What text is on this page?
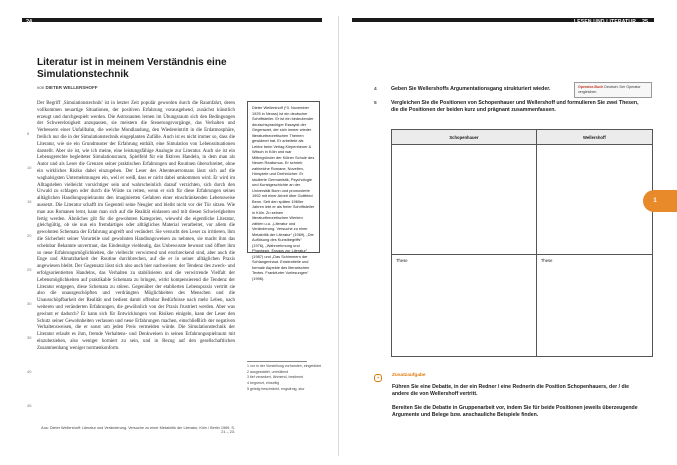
24	LESEN UND LITERATUR 25
Literatur ist in meinem Verständnis eine Simulationstechnik
von DIETER WELLERSHOFF

Der Begriff ‚Simulationstechnik' ist in letzter Zeit populär geworden durch die Raumfahrt, deren vollkommen neuartige Situationen, der positiven Erfahrung vorausgehend, zunächst künstlich erzeugt und durchgespielt werden. Die Astronauten lernen im Übungsraum sich den Bedingungen der Schwerelosigkeit anzupassen, sie meistern die Steuerungsvorgänge, das Verhalten und Verbessern einer Unfallbahn, die weiche Mondlandung, den Wiedereintritt in die Erdatmosphäre, freilich nur die in der Simulationstechnik eingeplanten Zufälle. Auch ist es nicht immer so, dass die Literatur, wie sie ein Grundmuster der Erfahrung enthält, eine Simulation von Lebenssituationen darstellt. Aber sie ist, wie ich meine, eine leistungsfähige Analogie zur Literatur. Auch sie ist ein Lebensgerechte begleiteter Simulationsraum, Spielfeld für ein fiktives Handeln, in dem man als Autor und als Leser die Grenzen seiner praktischen Erfahrungen und Routinen überschreitet, ohne ein wirkliches Risiko dabei einzugehen. Der Leser des Abenteuerromans lässt sich auf die waghalsigsten Unternehmungen ein, weil er weiß, dass er nicht dabei umkommen wird. Er wird im Alltagsleben vielleicht vorsichtiger sein und wahrscheinlich darauf verzichten, sich durch den Urwald zu schlagen oder durch die Wüste zu reiten, wenn er sich für diese Erfahrungen seines alltäglichen Handlungsspielraums den imaginierten Gefahren einer einschränkenden Lebensweise aussetzt. Die Literatur schafft im Gegenteil seine Neugier und bleibt nicht vor der Tür sitzen. Wie man aus Romanen lernt, kann man sich auf die Realität einlassen und mit diesen Schwierigkeiten fertig werden. Ähnliches gilt für die gewohnten Kategorien, wiewohl die eigentliche Literatur, gleichgültig, ob sie nun ein fremdartiges oder alltägliches Material verarbeitet, vor allem die gewohnten Schemata der Erfahrung angreift und verändert. Sie versucht den Leser zu irritieren, ihm die Sicherheit seiner Vorurteile und gewohnten Handlungsweisen zu nehmen, sie macht ihm das scheinbar Bekannte unvertraut, das Eindeutige vieldeutig, das Unbewusste bewusst und öffnet ihm so neue Erfahrungsmöglichkeiten, die vielleicht verwirrend und erschreckend sind, aber auch die Enge und Abnutzbarkeit der Routine durchbrechen, auf die er in seiner alltäglichen Praxis angewiesen bleibt. Der Gegensatz lässt sich also auch hier nachweisen: der Tendenz des zweck- und erfolgsorientierten Handelns, das Verhalten zu stabilisieren und die verwirrende Vielfalt der Lebensmöglichkeiten auf praktikable Schemata zu bringen, wirkt kompensierend die Tendenz der Literatur entgegen, diese Schemata zu stören. Gegenüber der etablierten Lebenspraxis vertritt sie also die unausgeschöpften und verdrängten Möglichkeiten des Menschen und die Unausschöpfbarkeit der Realität und bedient damit offenbar Bedürfnisse nach mehr Leben, nach weiteren und veränderten Erfahrungen, die gewöhnlich von der Praxis frustriert werden. Aber was gewinnt er dadurch? Er kann sich für Entwicklungen von Risiken einigeln, kann der Leser den Schutz seiner Gewohnheiten verlassen und neue Erfahrungen machen, einschließlich der negativen Verhaltensweisen, die er sonst um jeden Preis vermeiden würde. Die Simulationstechnik der Literatur erlaubt es ihm, fremde Verhaltens- und Denkweisen in seinen Erfahrungsspielraum mit einzubeziehen, also weniger borniert zu sein, und in Bezug auf den gesellschaftlichen Zusammenhang weniger normenkonform.

5
10
15
20
25
30
35
40
45
Aus: Dieter Wellershoff: Literatur und Veränderung. Versuche zu einer Metakritik der Literatur, Köln / Berlin 1969, S. 21 – 23.
Dieter Wellershoff (*3. November 1925 in Neuss) ist ein deutscher Schriftsteller. Er ist ein bedeutender deutschsprachiger Essayist der Gegenwart, der sich immer wieder literaturtheoretischen Themen gewidmet hat. Er arbeitete als Lektor beim Verlag Kiepenheuer & Witsch in Köln und war Mitbegründer der Kölner Schule des Neuen Realismus. Er schrieb zahlreiche Romane, Novellen, Hörspiele und Drehbücher. Er studierte Germanistik, Psychologie und Kunstgeschichte an der Universität Bonn und promovierte 1952 mit einer Arbeit über Gottfried Benn. Seit den späten 1960er Jahren lebt er als freier Schriftsteller in Köln. Zu seinen literaturtheoretischen Werken zählen u.a. „Literatur und Veränderung. Versuche zu einer Metakritik der Literatur“ (1969), „Die Auflösung des Kunstbegriffs“ (1976), „Wahrnehmung und Phantasie. Essays zur Literatur“ (1987) und „Das Schimmern der Schlangenhaut. Existentielle und formale Aspekte des literarischen Textes. Frankfurter Vorlesungen“ (1996).
1 vor in der Vorstellung vorhanden, eingebildet
2 ausgestattet, umhüllend
3 tief verankert, lähmend, bestimmt
4 begrenzt, einseitig
5 geistig beschränkt, engstirnig, stur
4	Geben Sie Wellershoffs Argumentationsgang strukturiert wieder.	Operator-Buch Deutsch: Der Operator vergleichen
5	Vergleichen Sie die Positionen von Schopenhauer und Wellershoff und formulieren Sie zwei Thesen, die die Positionen der beiden kurz und prägnant zusammenfassen.
Schopenhauer	Wellershoff

These	These
1
+	Zusatzaufgabe
Führen Sie eine Debatte, in der ein Redner / eine Rednerin die Position Schopenhauers, der / die andere die von Wellershoff vertritt.
Bereiten Sie die Debatte in Gruppenarbeit vor, indem Sie für beide Positionen jeweils überzeugende Argumente und Belege bzw. anschauliche Beispiele finden.
